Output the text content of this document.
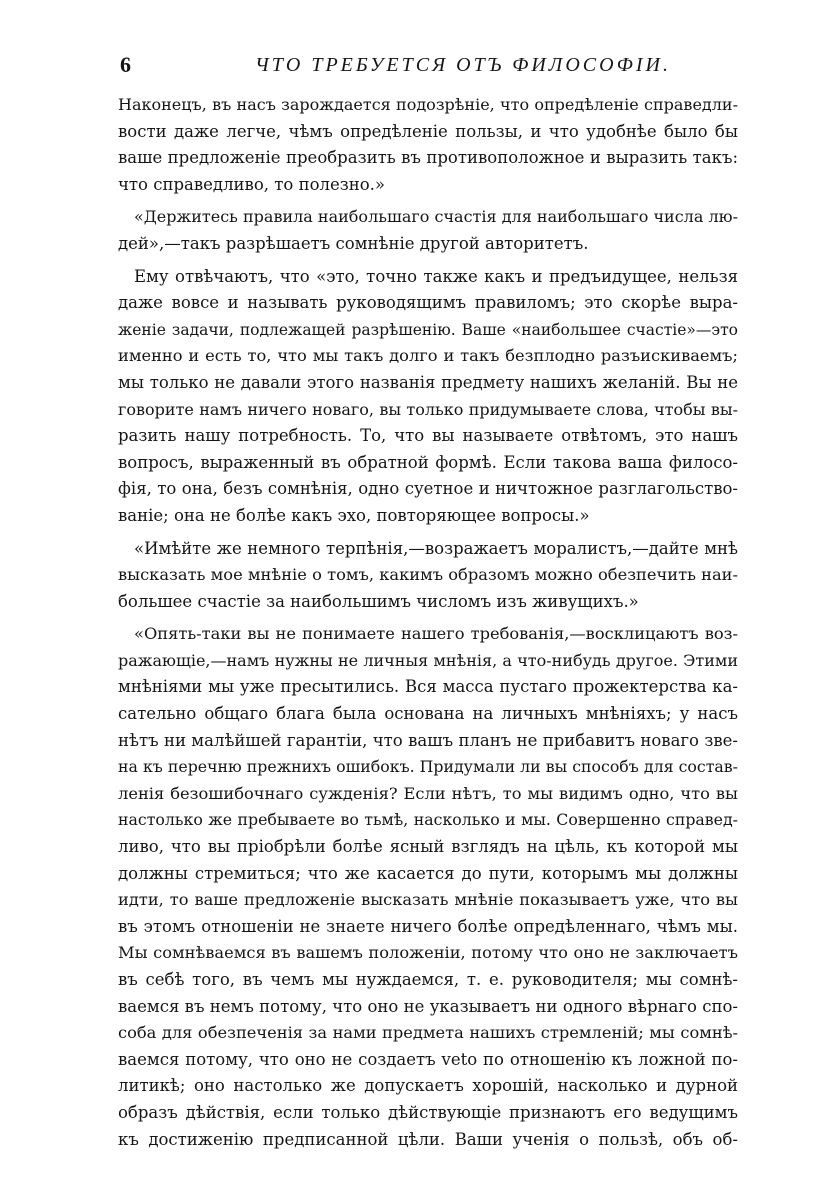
6	ЧТО ТРЕБУЕТСЯ ОТЪ ФИЛОСОФІИ.
Наконецъ, въ насъ зарождается подозрѣніе, что опредѣленіе справедли-
вости даже легче, чѣмъ опредѣленіе пользы, и что удобнѣе было бы
ваше предложеніе преобразить въ противоположное и выразить такъ:
что справедливо, то полезно.»
«Держитесь правила наибольшаго счастія для наибольшаго числа лю-
дей»,—такъ разрѣшаетъ сомнѣніе другой авторитетъ.
Ему отвѣчаютъ, что «это, точно также какъ и предъидущее, нельзя
даже вовсе и называть руководящимъ правиломъ; это скорѣе выра-
женіе задачи, подлежащей разрѣшенію. Ваше «наибольшее счастіе»—это
именно и есть то, что мы такъ долго и такъ безплодно разъискиваемъ;
мы только не давали этого названія предмету нашихъ желаній. Вы не
говорите намъ ничего новаго, вы только придумываете слова, чтобы вы-
разить нашу потребность. То, что вы называете отвѣтомъ, это нашъ
вопросъ, выраженный въ обратной формѣ. Если такова ваша филосо-
фія, то она, безъ сомнѣнія, одно суетное и ничтожное разглагольство-
ваніе; она не болѣе какъ эхо, повторяющее вопросы.»
«Имѣйте же немного терпѣнія,—возражаетъ моралистъ,—дайте мнѣ
высказать мое мнѣніе о томъ, какимъ образомъ можно обезпечить наи-
большее счастіе за наибольшимъ числомъ изъ живущихъ.»
«Опять-таки вы не понимаете нашего требованія,—восклицаютъ воз-
ражающіе,—намъ нужны не личныя мнѣнія, а что-нибудь другое. Этими
мнѣніями мы уже пресытились. Вся масса пустаго прожектерства ка-
сательно общаго блага была основана на личныхъ мнѣніяхъ; у насъ
нѣтъ ни малѣйшей гарантіи, что вашъ планъ не прибавитъ новаго зве-
на къ перечню прежнихъ ошибокъ. Придумали ли вы способъ для состав-
ленія безошибочнаго сужденія? Если нѣтъ, то мы видимъ одно, что вы
настолько же пребываете во тьмѣ, насколько и мы. Совершенно справед-
ливо, что вы пріобрѣли болѣе ясный взглядъ на цѣль, къ которой мы
должны стремиться; что же касается до пути, которымъ мы должны
идти, то ваше предложеніе высказать мнѣніе показываетъ уже, что вы
въ этомъ отношеніи не знаете ничего болѣе опредѣленнаго, чѣмъ мы.
Мы сомнѣваемся въ вашемъ положеніи, потому что оно не заключаетъ
въ себѣ того, въ чемъ мы нуждаемся, т. е. руководителя; мы сомнѣ-
ваемся въ немъ потому, что оно не указываетъ ни одного вѣрнаго спо-
соба для обезпеченія за нами предмета нашихъ стремленій; мы сомнѣ-
ваемся потому, что оно не создаетъ veto по отношенію къ ложной по-
литикѣ; оно настолько же допускаетъ хорошій, насколько и дурной
образъ дѣйствія, если только дѣйствующіе признаютъ его ведущимъ
къ достиженію предписанной цѣли. Ваши ученія о пользѣ, объ об-
